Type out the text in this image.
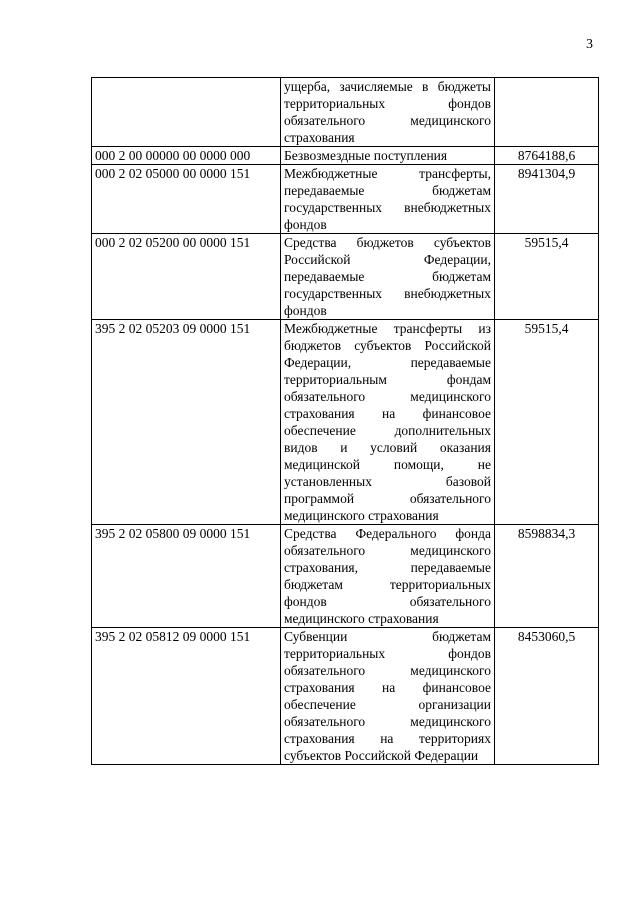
3
	ущерба, зачисляемые в бюджеты территориальных фондов обязательного медицинского страхования	
000 2 00 00000 00 0000 000	Безвозмездные поступления	8764188,6
000 2 02 05000 00 0000 151	Межбюджетные трансферты, передаваемые бюджетам государственных внебюджетных фондов	8941304,9
000 2 02 05200 00 0000 151	Средства бюджетов субъектов Российской Федерации, передаваемые бюджетам государственных внебюджетных фондов	59515,4
395 2 02 05203 09 0000 151	Межбюджетные трансферты из бюджетов субъектов Российской Федерации, передаваемые территориальным фондам обязательного медицинского страхования на финансовое обеспечение дополнительных видов и условий оказания медицинской помощи, не установленных базовой программой обязательного медицинского страхования	59515,4
395 2 02 05800 09 0000 151	Средства Федерального фонда обязательного медицинского страхования, передаваемые бюджетам территориальных фондов обязательного медицинского страхования	8598834,3
395 2 02 05812 09 0000 151	Субвенции бюджетам территориальных фондов обязательного медицинского страхования на финансовое обеспечение организации обязательного медицинского страхования на территориях субъектов Российской Федерации	8453060,5
